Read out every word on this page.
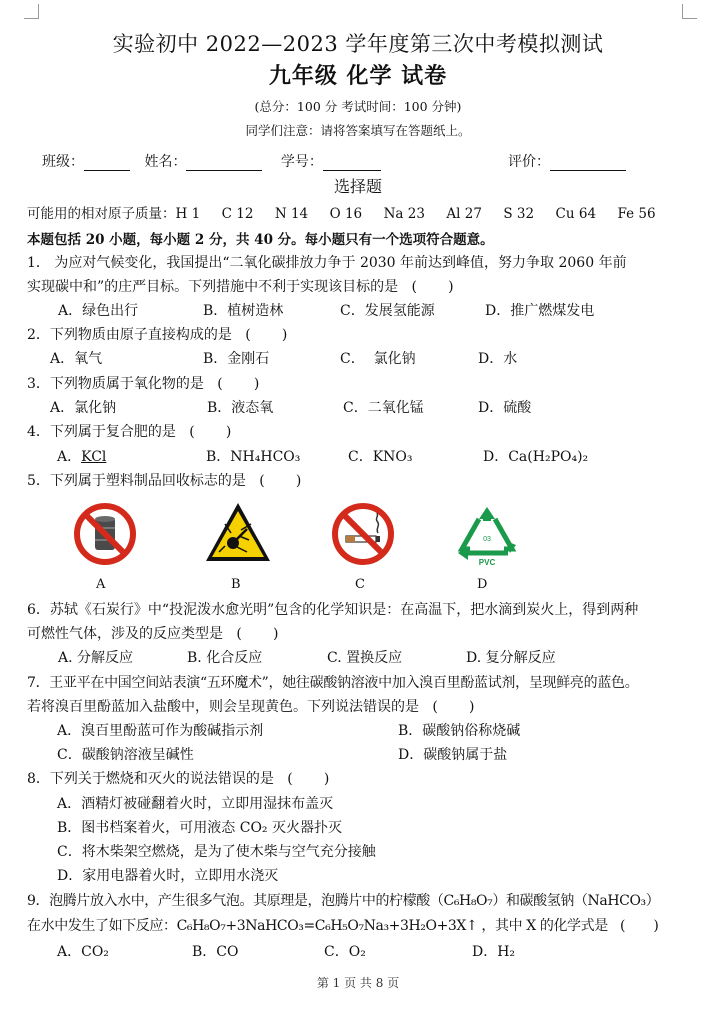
实验初中 2022—2023 学年度第三次中考模拟测试
九年级 化学 试卷
(总分：100 分 考试时间：100 分钟)
同学们注意：请将答案填写在答题纸上。
班级：	姓名：	学号：	评价：
选择题
可能用的相对原子质量：H 1     C 12     N 14     O 16     Na 23     Al 27     S 32     Cu 64     Fe 56
本题包括 20 小题，每小题 2 分，共 40 分。每小题只有一个选项符合题意。
1． 为应对气候变化，我国提出“二氧化碳排放力争于 2030 年前达到峰值，努力争取 2060 年前
实现碳中和”的庄严目标。下列措施中不利于实现该目标的是   (       )
A．绿色出行	B．植树造林	C．发展氢能源	D．推广燃煤发电
2．下列物质由原子直接构成的是   (       )
A．氧气	B．金刚石	C．  氯化钠	D．水
3．下列物质属于氧化物的是   (       )
A．氯化钠	B．液态氧	C．二氧化锰	D．硫酸
4．下列属于复合肥的是   (       )
A．KCl	B．NH₄HCO₃	C．KNO₃	D．Ca(H₂PO₄)₂
5．下列属于塑料制品回收标志的是   (       )
03
PVC
A	B	C	D
6．苏轼《石炭行》中“投泥泼水愈光明”包含的化学知识是：在高温下，把水滴到炭火上，得到两种
可燃性气体，涉及的反应类型是   (       )
A. 分解反应	B. 化合反应	C. 置换反应	D. 复分解反应
7．王亚平在中国空间站表演“五环魔术”，她往碳酸钠溶液中加入溴百里酚蓝试剂，呈现鲜亮的蓝色。
若将溴百里酚蓝加入盐酸中，则会呈现黄色。下列说法错误的是   (       )
A．溴百里酚蓝可作为酸碱指示剂	B．碳酸钠俗称烧碱
C．碳酸钠溶液呈碱性	D．碳酸钠属于盐
8．下列关于燃烧和灭火的说法错误的是   (       )
A．酒精灯被碰翻着火时，立即用湿抹布盖灭
B．图书档案着火，可用液态 CO₂ 灭火器扑灭
C．将木柴架空燃烧，是为了使木柴与空气充分接触
D．家用电器着火时，立即用水浇灭
9．泡腾片放入水中，产生很多气泡。其原理是，泡腾片中的柠檬酸（C₆H₈O₇）和碳酸氢钠（NaHCO₃）
在水中发生了如下反应：C₆H₈O₇+3NaHCO₃=C₆H₅O₇Na₃+3H₂O+3X↑ ，其中 X 的化学式是   (       )
A．CO₂	B．CO	C．O₂	D．H₂
第 1 页 共 8 页
